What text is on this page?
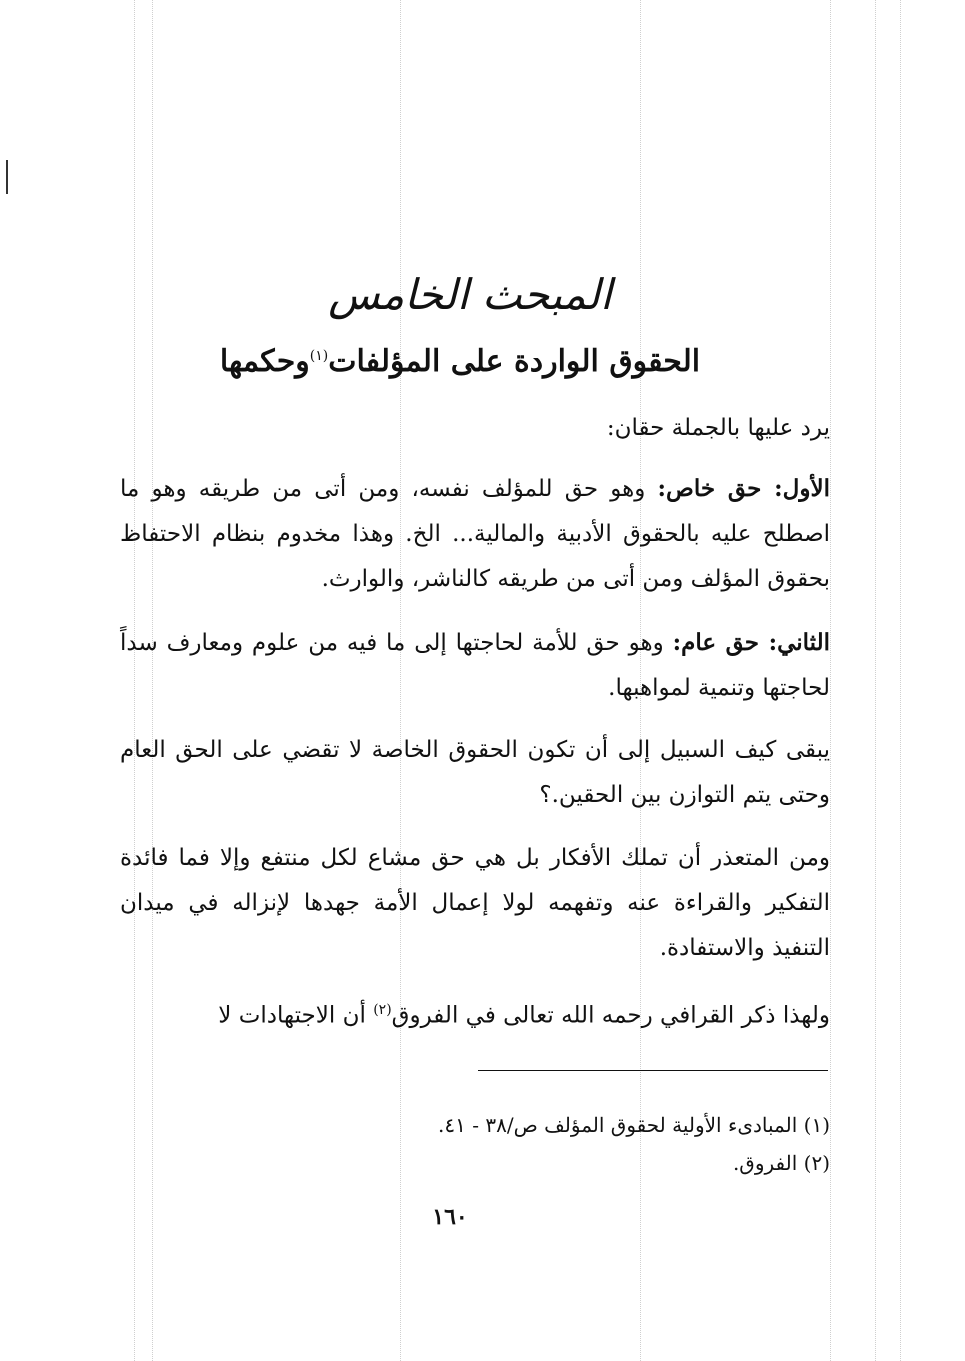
المبحث الخامس
الحقوق الواردة على المؤلفات$^{(١)}$وحكمها
يرد عليها بالجملة حقان:
الأول: حق خاص: وهو حق للمؤلف نفسه، ومن أتى من طريقه وهو ما اصطلح عليه بالحقوق الأدبية والمالية... الخ. وهذا مخدوم بنظام الاحتفاظ بحقوق المؤلف ومن أتى من طريقه كالناشر، والوارث.
الثاني: حق عام: وهو حق للأمة لحاجتها إلى ما فيه من علوم ومعارف سداً لحاجتها وتنمية لمواهبها.
يبقى كيف السبيل إلى أن تكون الحقوق الخاصة لا تقضي على الحق العام وحتى يتم التوازن بين الحقين.؟
ومن المتعذر أن تملك الأفكار بل هي حق مشاع لكل منتفع وإلا فما فائدة التفكير والقراءة عنه وتفهمه لولا إعمال الأمة جهدها لإنزاله في ميدان التنفيذ والاستفادة.
ولهذا ذكر القرافي رحمه الله تعالى في الفروق$^{(٢)}$ أن الاجتهادات لا
(١) المبادىء الأولية لحقوق المؤلف ص/٣٨ - ٤١.
(٢) الفروق.
١٦٠
